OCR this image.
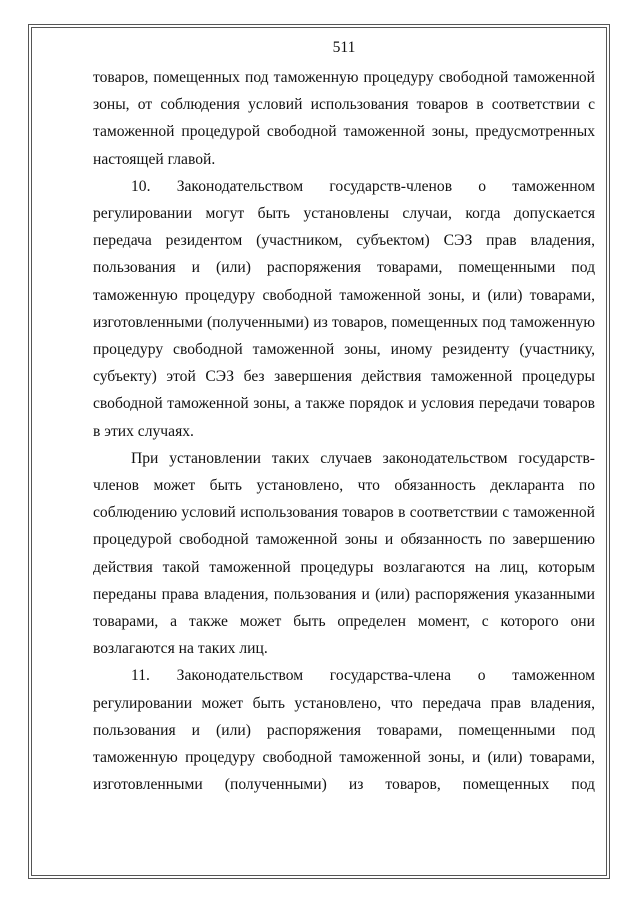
511

товаров, помещенных под таможенную процедуру свободной таможенной зоны, от соблюдения условий использования товаров в соответствии с таможенной процедурой свободной таможенной зоны, предусмотренных настоящей главой.

10. Законодательством государств-членов о таможенном регулировании могут быть установлены случаи, когда допускается передача резидентом (участником, субъектом) СЭЗ прав владения, пользования и (или) распоряжения товарами, помещенными под таможенную процедуру свободной таможенной зоны, и (или) товарами, изготовленными (полученными) из товаров, помещенных под таможенную процедуру свободной таможенной зоны, иному резиденту (участнику, субъекту) этой СЭЗ без завершения действия таможенной процедуры свободной таможенной зоны, а также порядок и условия передачи товаров в этих случаях.

При установлении таких случаев законодательством государств-членов может быть установлено, что обязанность декларанта по соблюдению условий использования товаров в соответствии с таможенной процедурой свободной таможенной зоны и обязанность по завершению действия такой таможенной процедуры возлагаются на лиц, которым переданы права владения, пользования и (или) распоряжения указанными товарами, а также может быть определен момент, с которого они возлагаются на таких лиц.

11. Законодательством государства-члена о таможенном регулировании может быть установлено, что передача прав владения, пользования и (или) распоряжения товарами, помещенными под таможенную процедуру свободной таможенной зоны, и (или) товарами, изготовленными (полученными) из товаров, помещенных под
